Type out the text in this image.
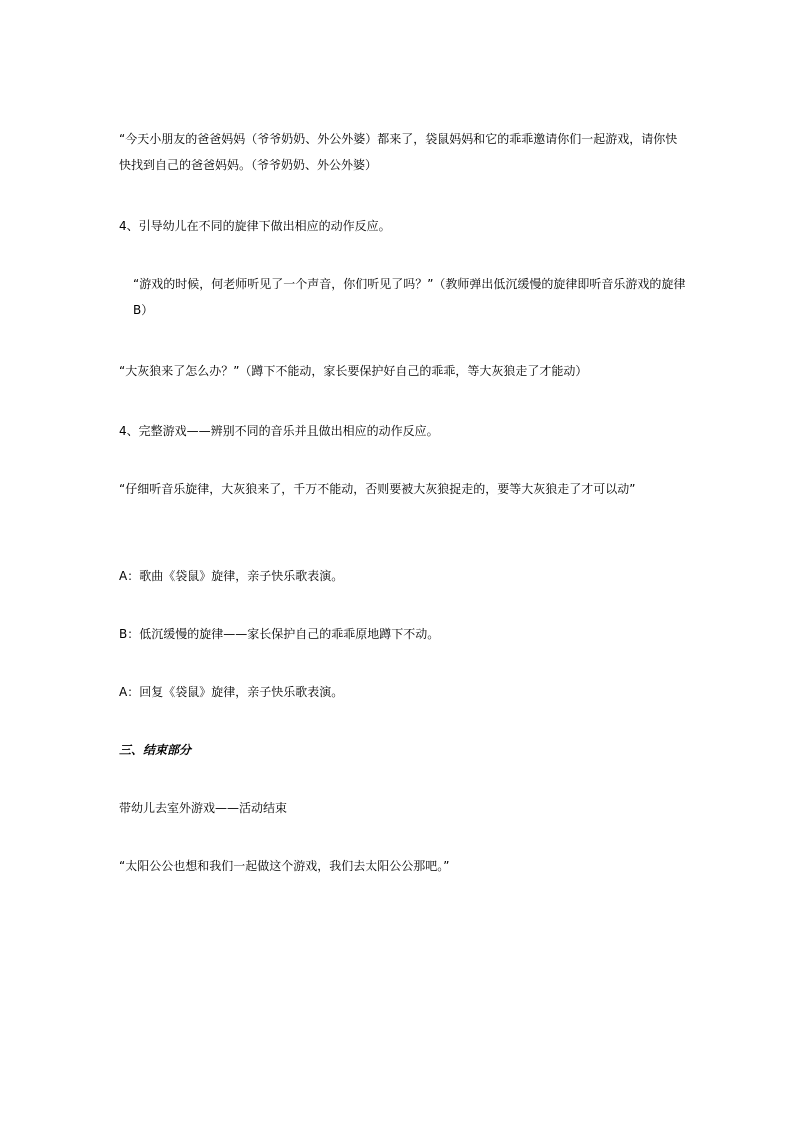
“今天小朋友的爸爸妈妈（爷爷奶奶、外公外婆）都来了，袋鼠妈妈和它的乖乖邀请你们一起游戏，请你快快找到自己的爸爸妈妈。（爷爷奶奶、外公外婆）

4、引导幼儿在不同的旋律下做出相应的动作反应。

“游戏的时候，何老师听见了一个声音，你们听见了吗？”（教师弹出低沉缓慢的旋律即听音乐游戏的旋律 B）

“大灰狼来了怎么办？”（蹲下不能动，家长要保护好自己的乖乖，等大灰狼走了才能动）

4、完整游戏——辨别不同的音乐并且做出相应的动作反应。

“仔细听音乐旋律，大灰狼来了，千万不能动，否则要被大灰狼捉走的，要等大灰狼走了才可以动”

A：歌曲《袋鼠》旋律，亲子快乐歌表演。

B：低沉缓慢的旋律——家长保护自己的乖乖原地蹲下不动。

A：回复《袋鼠》旋律，亲子快乐歌表演。

三、结束部分

带幼儿去室外游戏——活动结束

“太阳公公也想和我们一起做这个游戏，我们去太阳公公那吧。”
